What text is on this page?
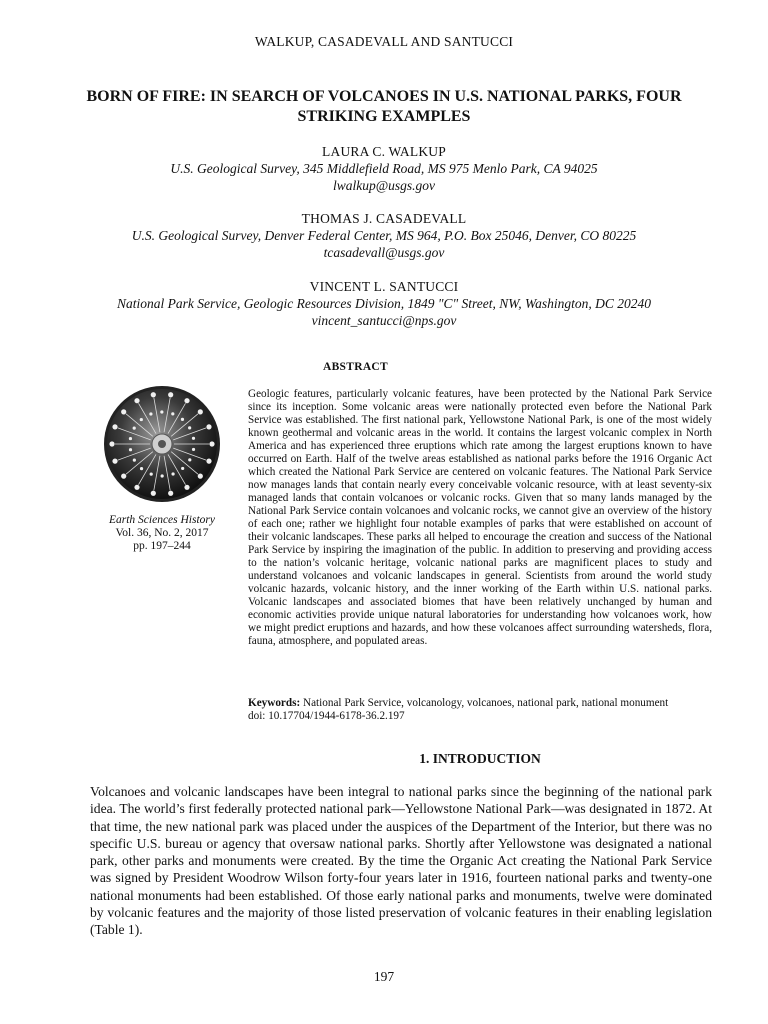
WALKUP, CASADEVALL AND SANTUCCI
BORN OF FIRE: IN SEARCH OF VOLCANOES IN U.S. NATIONAL PARKS, FOUR STRIKING EXAMPLES
LAURA C. WALKUP
U.S. Geological Survey, 345 Middlefield Road, MS 975 Menlo Park, CA 94025
lwalkup@usgs.gov
THOMAS J. CASADEVALL
U.S. Geological Survey, Denver Federal Center, MS 964, P.O. Box 25046, Denver, CO 80225
tcasadevall@usgs.gov
VINCENT L. SANTUCCI
National Park Service, Geologic Resources Division, 1849 "C" Street, NW, Washington, DC 20240
vincent_santucci@nps.gov
ABSTRACT
Earth Sciences History
Vol. 36, No. 2, 2017
pp. 197–244
Geologic features, particularly volcanic features, have been protected by the National Park Service since its inception. Some volcanic areas were nationally protected even before the National Park Service was established. The first national park, Yellowstone National Park, is one of the most widely known geothermal and volcanic areas in the world. It contains the largest volcanic complex in North America and has experienced three eruptions which rate among the largest eruptions known to have occurred on Earth. Half of the twelve areas established as national parks before the 1916 Organic Act which created the National Park Service are centered on volcanic features. The National Park Service now manages lands that contain nearly every conceivable volcanic resource, with at least seventy-six managed lands that contain volcanoes or volcanic rocks. Given that so many lands managed by the National Park Service contain volcanoes and volcanic rocks, we cannot give an overview of the history of each one; rather we highlight four notable examples of parks that were established on account of their volcanic landscapes. These parks all helped to encourage the creation and success of the National Park Service by inspiring the imagination of the public. In addition to preserving and providing access to the nation’s volcanic heritage, volcanic national parks are magnificent places to study and understand volcanoes and volcanic landscapes in general. Scientists from around the world study volcanic hazards, volcanic history, and the inner working of the Earth within U.S. national parks. Volcanic landscapes and associated biomes that have been relatively unchanged by human and economic activities provide unique natural laboratories for understanding how volcanoes work, how we might predict eruptions and hazards, and how these volcanoes affect surrounding watersheds, flora, fauna, atmosphere, and populated areas.
Keywords: National Park Service, volcanology, volcanoes, national park, national monument
doi: 10.17704/1944-6178-36.2.197
1. INTRODUCTION
Volcanoes and volcanic landscapes have been integral to national parks since the beginning of the national park idea. The world’s first federally protected national park—Yellowstone National Park—was designated in 1872. At that time, the new national park was placed under the auspices of the Department of the Interior, but there was no specific U.S. bureau or agency that oversaw national parks. Shortly after Yellowstone was designated a national park, other parks and monuments were created. By the time the Organic Act creating the National Park Service was signed by President Woodrow Wilson forty-four years later in 1916, fourteen national parks and twenty-one national monuments had been established. Of those early national parks and monuments, twelve were dominated by volcanic features and the majority of those listed preservation of volcanic features in their enabling legislation (Table 1).
197
